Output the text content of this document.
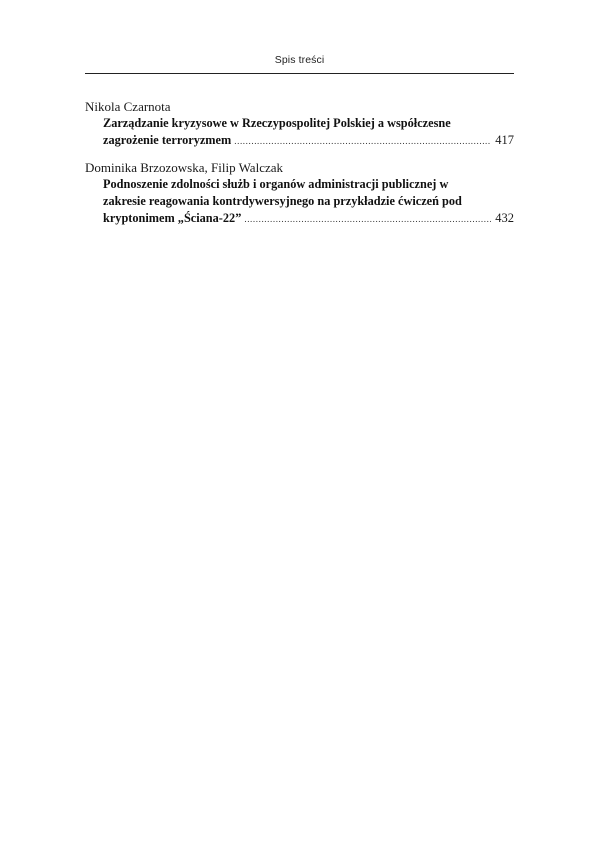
Spis treści
Nikola Czarnota
Zarządzanie kryzysowe w Rzeczypospolitej Polskiej a współczesne
zagrożenie terroryzmem .....	417
Dominika Brzozowska, Filip Walczak
Podnoszenie zdolności służb i organów administracji publicznej w
zakresie reagowania kontrdywersyjnego na przykładzie ćwiczeń pod
kryptonimem „Ściana-22” .....	432
